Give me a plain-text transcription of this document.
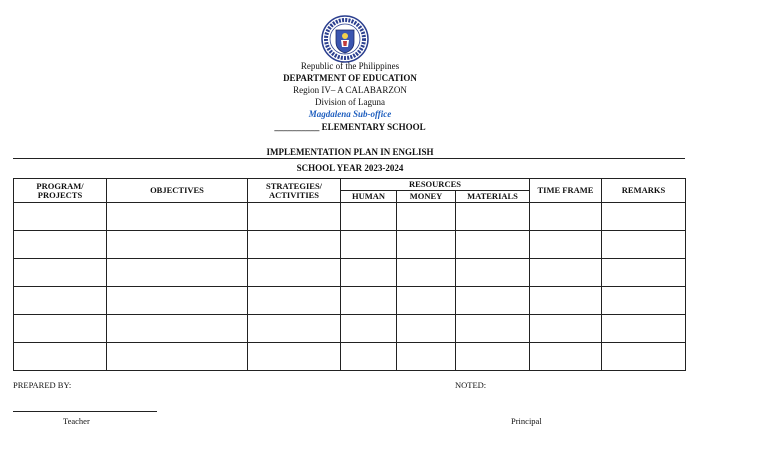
Republic of the Philippines
DEPARTMENT OF EDUCATION
Region IV– A CALABARZON
Division of Laguna
Magdalena Sub-office
__________ ELEMENTARY SCHOOL
IMPLEMENTATION PLAN IN ENGLISH
SCHOOL YEAR 2023-2024
PROGRAM/ PROJECTS	OBJECTIVES	STRATEGIES/ ACTIVITIES	RESOURCES			TIME FRAME	REMARKS
			HUMAN	MONEY	MATERIALS		

PREPARED BY:	NOTED:
Teacher	Principal
